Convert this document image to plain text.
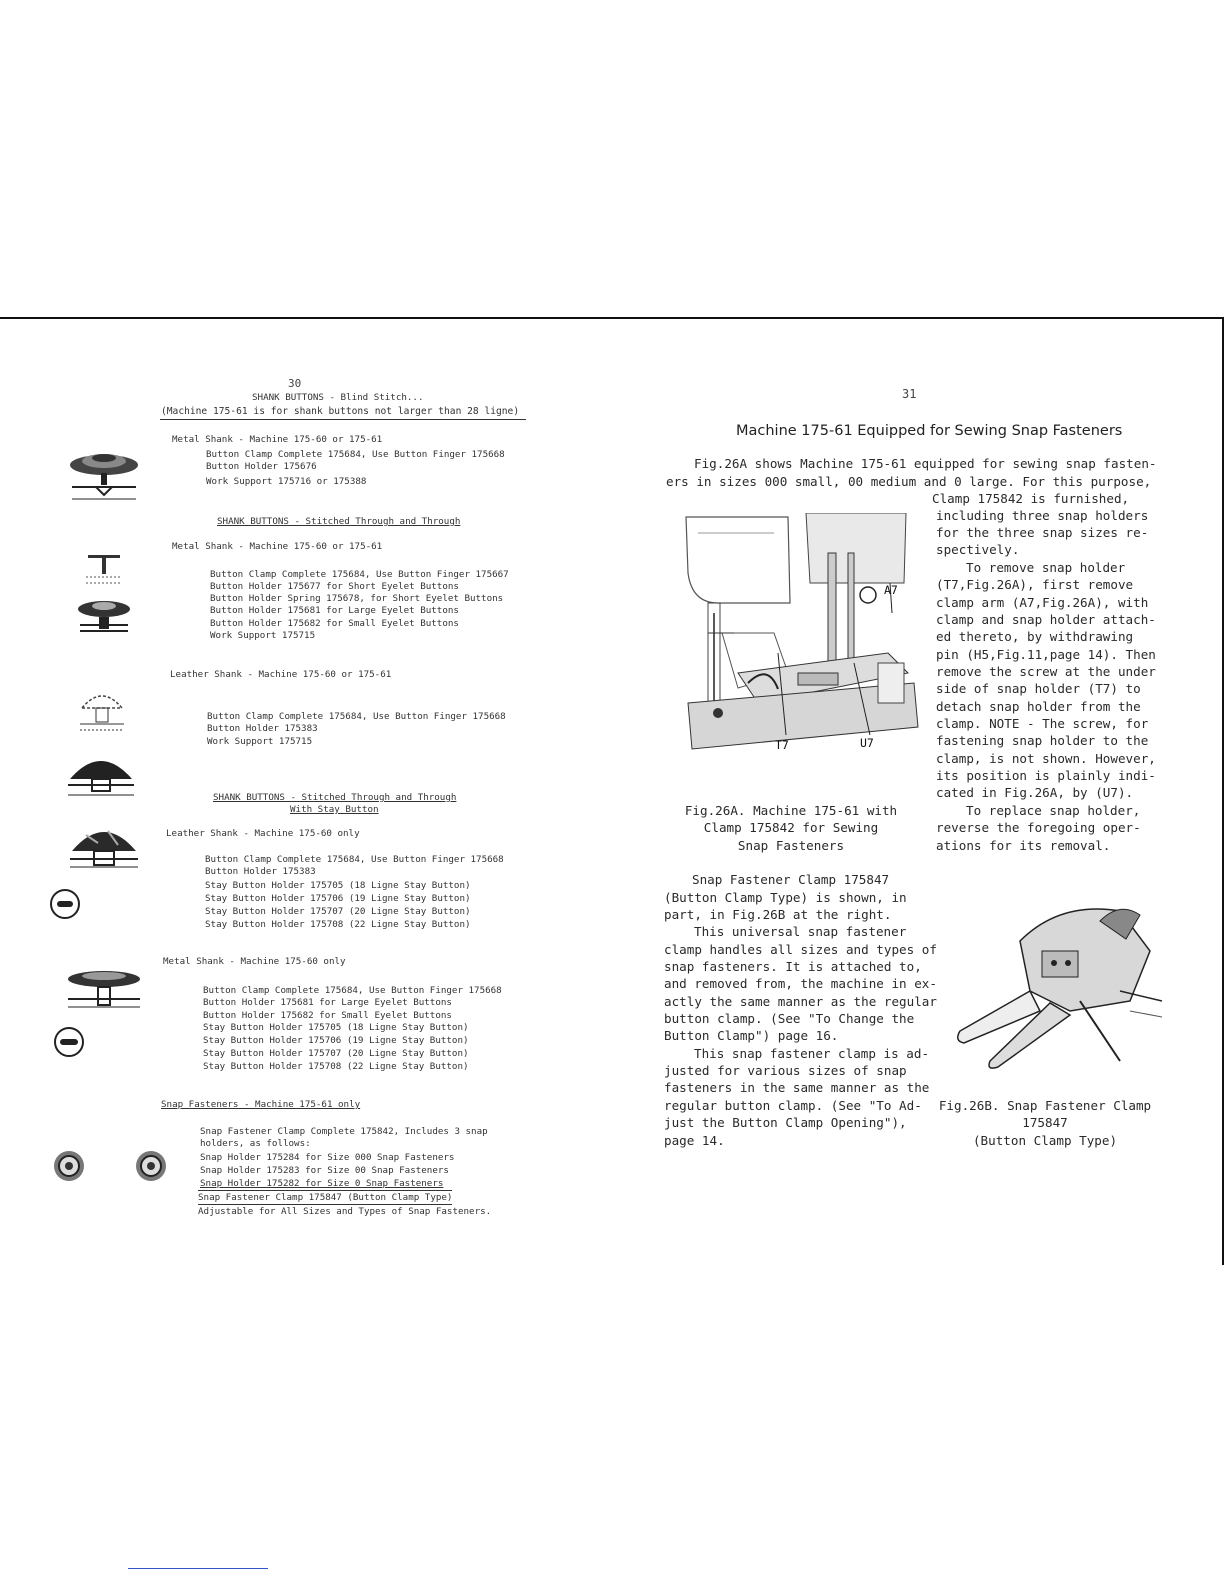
30
SHANK BUTTONS - Blind Stitch...
(Machine 175-61 is for shank buttons not larger than 28 ligne)
Metal Shank - Machine 175-60 or 175-61
Button Clamp Complete 175684, Use Button Finger 175668
Button Holder 175676
Work Support 175716 or 175388
SHANK BUTTONS - Stitched Through and Through
Metal Shank - Machine 175-60 or 175-61
Button Clamp Complete 175684, Use Button Finger 175667
Button Holder 175677 for Short Eyelet Buttons
Button Holder Spring 175678, for Short Eyelet Buttons
Button Holder 175681 for Large Eyelet Buttons
Button Holder 175682 for Small Eyelet Buttons
Work Support 175715
Leather Shank - Machine 175-60 or 175-61
Button Clamp Complete 175684, Use Button Finger 175668
Button Holder 175383
Work Support 175715
SHANK BUTTONS - Stitched Through and Through
With Stay Button
Leather Shank - Machine 175-60 only
Button Clamp Complete 175684, Use Button Finger 175668
Button Holder 175383
Stay Button Holder 175705 (18 Ligne Stay Button)
Stay Button Holder 175706 (19 Ligne Stay Button)
Stay Button Holder 175707 (20 Ligne Stay Button)
Stay Button Holder 175708 (22 Ligne Stay Button)
Metal Shank - Machine 175-60 only
Button Clamp Complete 175684, Use Button Finger 175668
Button Holder 175681 for Large Eyelet Buttons
Button Holder 175682 for Small Eyelet Buttons
Stay Button Holder 175705 (18 Ligne Stay Button)
Stay Button Holder 175706 (19 Ligne Stay Button)
Stay Button Holder 175707 (20 Ligne Stay Button)
Stay Button Holder 175708 (22 Ligne Stay Button)
Snap Fasteners - Machine 175-61 only
Snap Fastener Clamp Complete 175842, Includes 3 snap
holders, as follows:
Snap Holder 175284 for Size 000 Snap Fasteners
Snap Holder 175283 for Size 00 Snap Fasteners
Snap Holder 175282 for Size 0 Snap Fasteners
Snap Fastener Clamp 175847 (Button Clamp Type)
Adjustable for All Sizes and Types of Snap Fasteners.
31
Machine 175-61 Equipped for Sewing Snap Fasteners
Fig.26A shows Machine 175-61 equipped for sewing snap fasten-
ers in sizes 000 small, 00 medium and 0 large. For this purpose,
Clamp 175842 is furnished,
including three snap holders
for the three snap sizes re-
spectively.
To remove snap holder
(T7,Fig.26A), first remove
clamp arm (A7,Fig.26A), with
clamp and snap holder attach-
ed thereto, by withdrawing
pin (H5,Fig.11,page 14). Then
remove the screw at the under
side of snap holder (T7) to
detach snap holder from the
clamp. NOTE - The screw, for
fastening snap holder to the
clamp, is not shown. However,
its position is plainly indi-
cated in Fig.26A, by (U7).
To replace snap holder,
reverse the foregoing oper-
ations for its removal.
A7
T7	U7
Fig.26A. Machine 175-61 with
Clamp 175842 for Sewing
Snap Fasteners
Snap Fastener Clamp 175847
(Button Clamp Type) is shown, in
part, in Fig.26B at the right.
This universal snap fastener
clamp handles all sizes and types of
snap fasteners. It is attached to,
and removed from, the machine in ex-
actly the same manner as the regular
button clamp. (See "To Change the
Button Clamp") page 16.
This snap fastener clamp is ad-
justed for various sizes of snap
fasteners in the same manner as the
regular button clamp. (See "To Ad-
just the Button Clamp Opening"),
page 14.
Fig.26B. Snap Fastener Clamp
175847
(Button Clamp Type)
